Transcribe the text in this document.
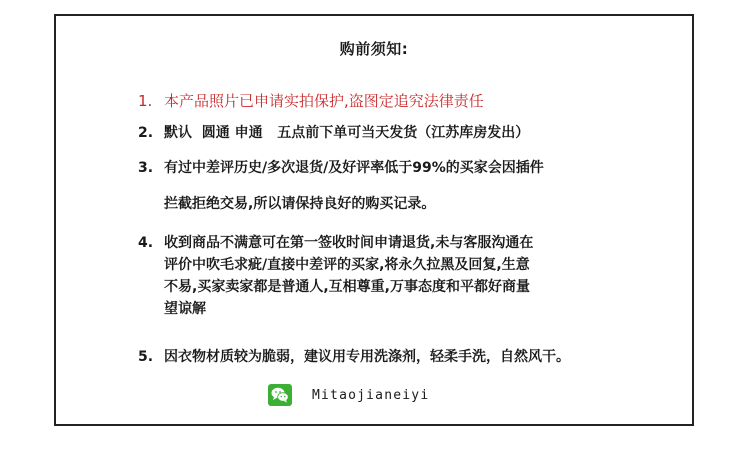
购前须知:
1. 本产品照片已申请实拍保护,盗图定追究法律责任
2. 默认  圆通 申通   五点前下单可当天发货（江苏库房发出）
3. 有过中差评历史/多次退货/及好评率低于99%的买家会因插件
拦截拒绝交易,所以请保持良好的购买记录。
4. 收到商品不满意可在第一签收时间申请退货,未与客服沟通在
评价中吹毛求疵/直接中差评的买家,将永久拉黑及回复,生意
不易,买家卖家都是普通人,互相尊重,万事态度和平都好商量
望谅解
5. 因衣物材质较为脆弱，建议用专用洗涤剂，轻柔手洗，自然风干。
Mitaojianeiyi
